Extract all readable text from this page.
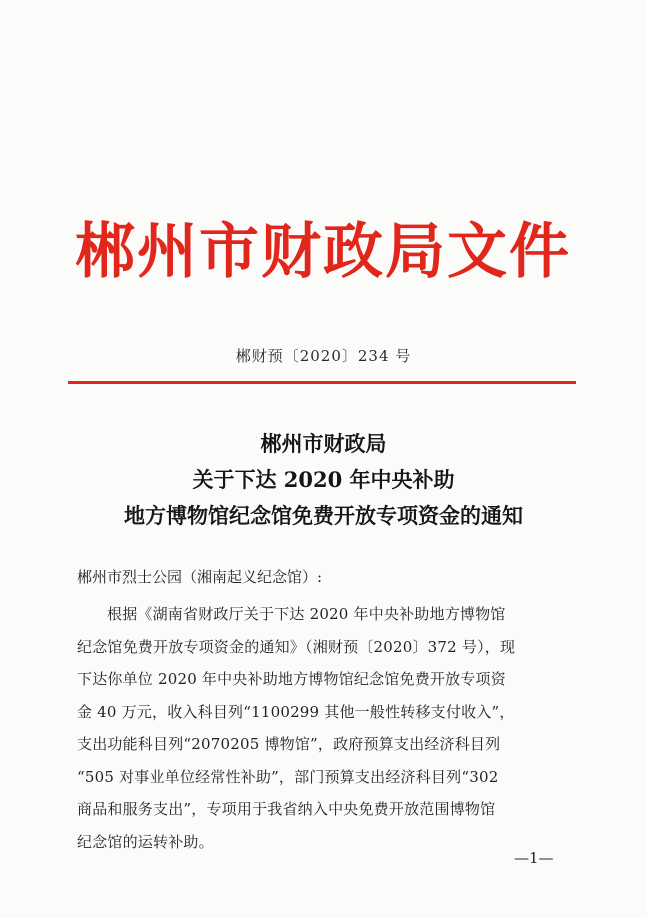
郴州市财政局文件
郴财预〔2020〕234 号
郴州市财政局
关于下达 2020 年中央补助
地方博物馆纪念馆免费开放专项资金的通知
郴州市烈士公园（湘南起义纪念馆）:
根据《湖南省财政厅关于下达 2020 年中央补助地方博物馆
纪念馆免费开放专项资金的通知》（湘财预〔2020〕372 号），现
下达你单位 2020 年中央补助地方博物馆纪念馆免费开放专项资
金 40 万元，收入科目列“1100299 其他一般性转移支付收入”，
支出功能科目列“2070205 博物馆”，政府预算支出经济科目列
“505 对事业单位经常性补助”，部门预算支出经济科目列“302
商品和服务支出”，专项用于我省纳入中央免费开放范围博物馆
纪念馆的运转补助。
—1—
